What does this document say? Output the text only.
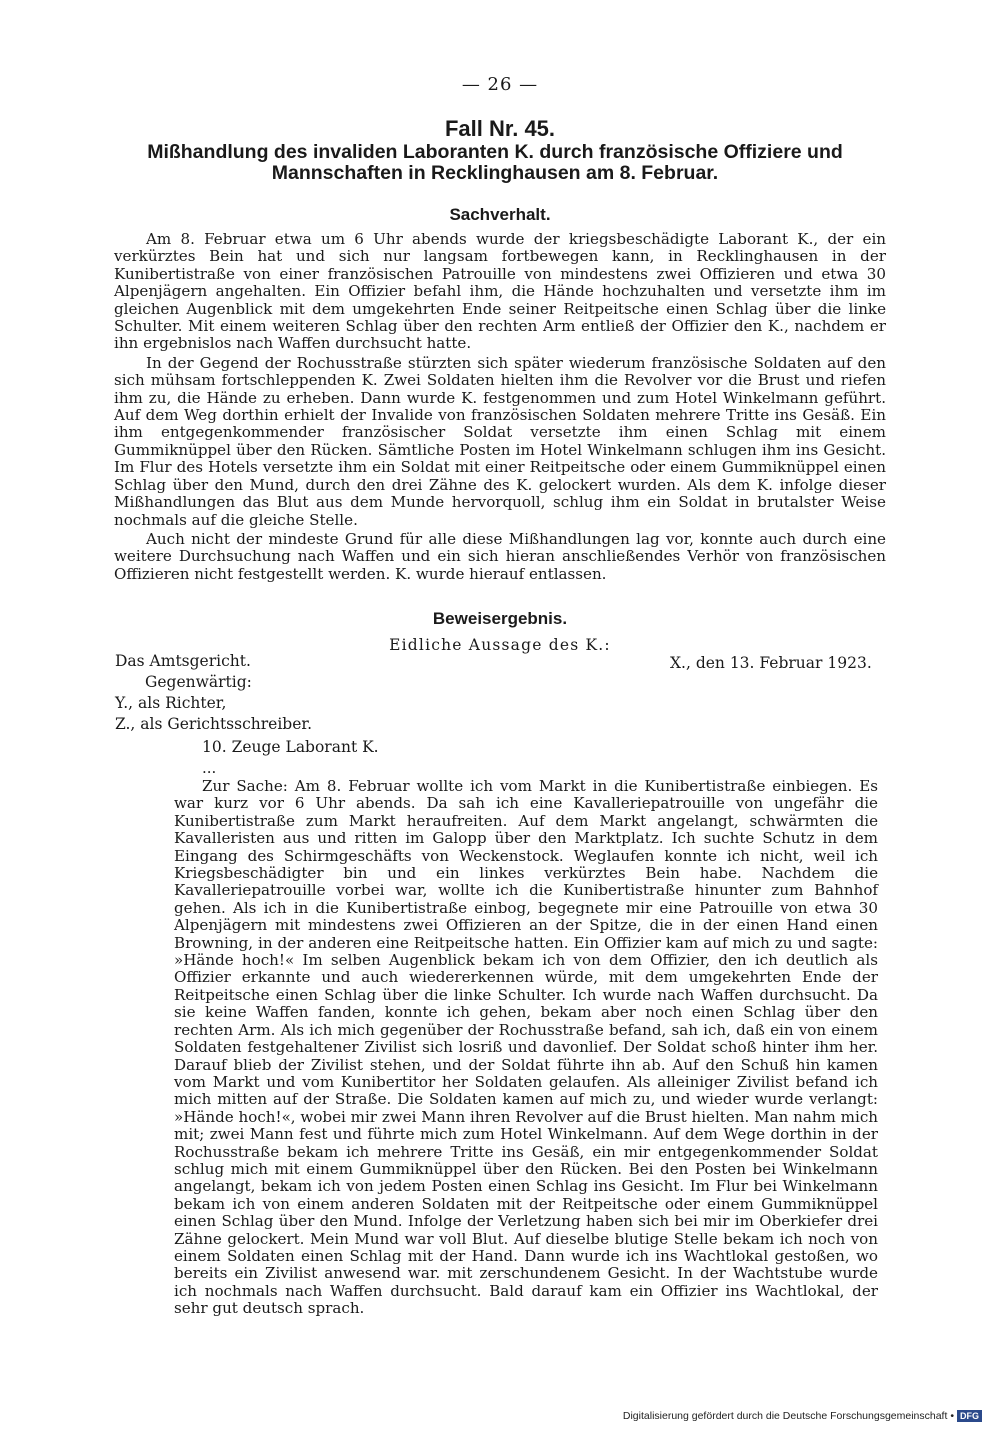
— 26 —
Fall Nr. 45.
Mißhandlung des invaliden Laboranten K. durch französische Offiziere und Mannschaften in Recklinghausen am 8. Februar.
Sachverhalt.

Am 8. Februar etwa um 6 Uhr abends wurde der kriegsbeschädigte Laborant K., der ein verkürztes Bein hat und sich nur langsam fortbewegen kann, in Recklinghausen in der Kunibertistraße von einer französischen Patrouille von mindestens zwei Offizieren und etwa 30 Alpenjägern angehalten. Ein Offizier befahl ihm, die Hände hochzuhalten und versetzte ihm im gleichen Augenblick mit dem umgekehrten Ende seiner Reitpeitsche einen Schlag über die linke Schulter. Mit einem weiteren Schlag über den rechten Arm entließ der Offizier den K., nachdem er ihn ergebnislos nach Waffen durchsucht hatte.

In der Gegend der Rochusstraße stürzten sich später wiederum französische Soldaten auf den sich mühsam fortschleppenden K. Zwei Soldaten hielten ihm die Revolver vor die Brust und riefen ihm zu, die Hände zu erheben. Dann wurde K. festgenommen und zum Hotel Winkelmann geführt. Auf dem Weg dorthin erhielt der Invalide von französischen Soldaten mehrere Tritte ins Gesäß. Ein ihm entgegenkommender französischer Soldat versetzte ihm einen Schlag mit einem Gummiknüppel über den Rücken. Sämtliche Posten im Hotel Winkelmann schlugen ihm ins Gesicht. Im Flur des Hotels versetzte ihm ein Soldat mit einer Reitpeitsche oder einem Gummiknüppel einen Schlag über den Mund, durch den drei Zähne des K. gelockert wurden. Als dem K. infolge dieser Mißhandlungen das Blut aus dem Munde hervorquoll, schlug ihm ein Soldat in brutalster Weise nochmals auf die gleiche Stelle.

Auch nicht der mindeste Grund für alle diese Mißhandlungen lag vor, konnte auch durch eine weitere Durchsuchung nach Waffen und ein sich hieran anschließendes Verhör von französischen Offizieren nicht festgestellt werden. K. wurde hierauf entlassen.

Beweisergebnis.
Eidliche Aussage des K.:
Das Amtsgericht.
Gegenwärtig:
Y., als Richter,
Z., als Gerichtsschreiber.
X., den 13. Februar 1923.
10. Zeuge Laborant K.
...

Zur Sache: Am 8. Februar wollte ich vom Markt in die Kunibertistraße einbiegen. Es war kurz vor 6 Uhr abends. Da sah ich eine Kavalleriepatrouille von ungefähr die Kunibertistraße zum Markt heraufreiten. Auf dem Markt angelangt, schwärmten die Kavalleristen aus und ritten im Galopp über den Marktplatz. Ich suchte Schutz in dem Eingang des Schirmgeschäfts von Weckenstock. Weglaufen konnte ich nicht, weil ich Kriegsbeschädigter bin und ein linkes verkürztes Bein habe. Nachdem die Kavalleriepatrouille vorbei war, wollte ich die Kunibertistraße hinunter zum Bahnhof gehen. Als ich in die Kunibertistraße einbog, begegnete mir eine Patrouille von etwa 30 Alpenjägern mit mindestens zwei Offizieren an der Spitze, die in der einen Hand einen Browning, in der anderen eine Reitpeitsche hatten. Ein Offizier kam auf mich zu und sagte: »Hände hoch!« Im selben Augenblick bekam ich von dem Offizier, den ich deutlich als Offizier erkannte und auch wiedererkennen würde, mit dem umgekehrten Ende der Reitpeitsche einen Schlag über die linke Schulter. Ich wurde nach Waffen durchsucht. Da sie keine Waffen fanden, konnte ich gehen, bekam aber noch einen Schlag über den rechten Arm. Als ich mich gegenüber der Rochusstraße befand, sah ich, daß ein von einem Soldaten festgehaltener Zivilist sich losriß und davonlief. Der Soldat schoß hinter ihm her. Darauf blieb der Zivilist stehen, und der Soldat führte ihn ab. Auf den Schuß hin kamen vom Markt und vom Kunibertitor her Soldaten gelaufen. Als alleiniger Zivilist befand ich mich mitten auf der Straße. Die Soldaten kamen auf mich zu, und wieder wurde verlangt: »Hände hoch!«, wobei mir zwei Mann ihren Revolver auf die Brust hielten. Man nahm mich mit; zwei Mann fest und führte mich zum Hotel Winkelmann. Auf dem Wege dorthin in der Rochusstraße bekam ich mehrere Tritte ins Gesäß, ein mir entgegenkommender Soldat schlug mich mit einem Gummiknüppel über den Rücken. Bei den Posten bei Winkelmann angelangt, bekam ich von jedem Posten einen Schlag ins Gesicht. Im Flur bei Winkelmann bekam ich von einem anderen Soldaten mit der Reitpeitsche oder einem Gummiknüppel einen Schlag über den Mund. Infolge der Verletzung haben sich bei mir im Oberkiefer drei Zähne gelockert. Mein Mund war voll Blut. Auf dieselbe blutige Stelle bekam ich noch von einem Soldaten einen Schlag mit der Hand. Dann wurde ich ins Wachtlokal gestoßen, wo bereits ein Zivilist anwesend war. mit zerschundenem Gesicht. In der Wachtstube wurde ich nochmals nach Waffen durchsucht. Bald darauf kam ein Offizier ins Wachtlokal, der sehr gut deutsch sprach.

Digitalisierung gefördert durch die Deutsche Forschungsgemeinschaft • DFG
